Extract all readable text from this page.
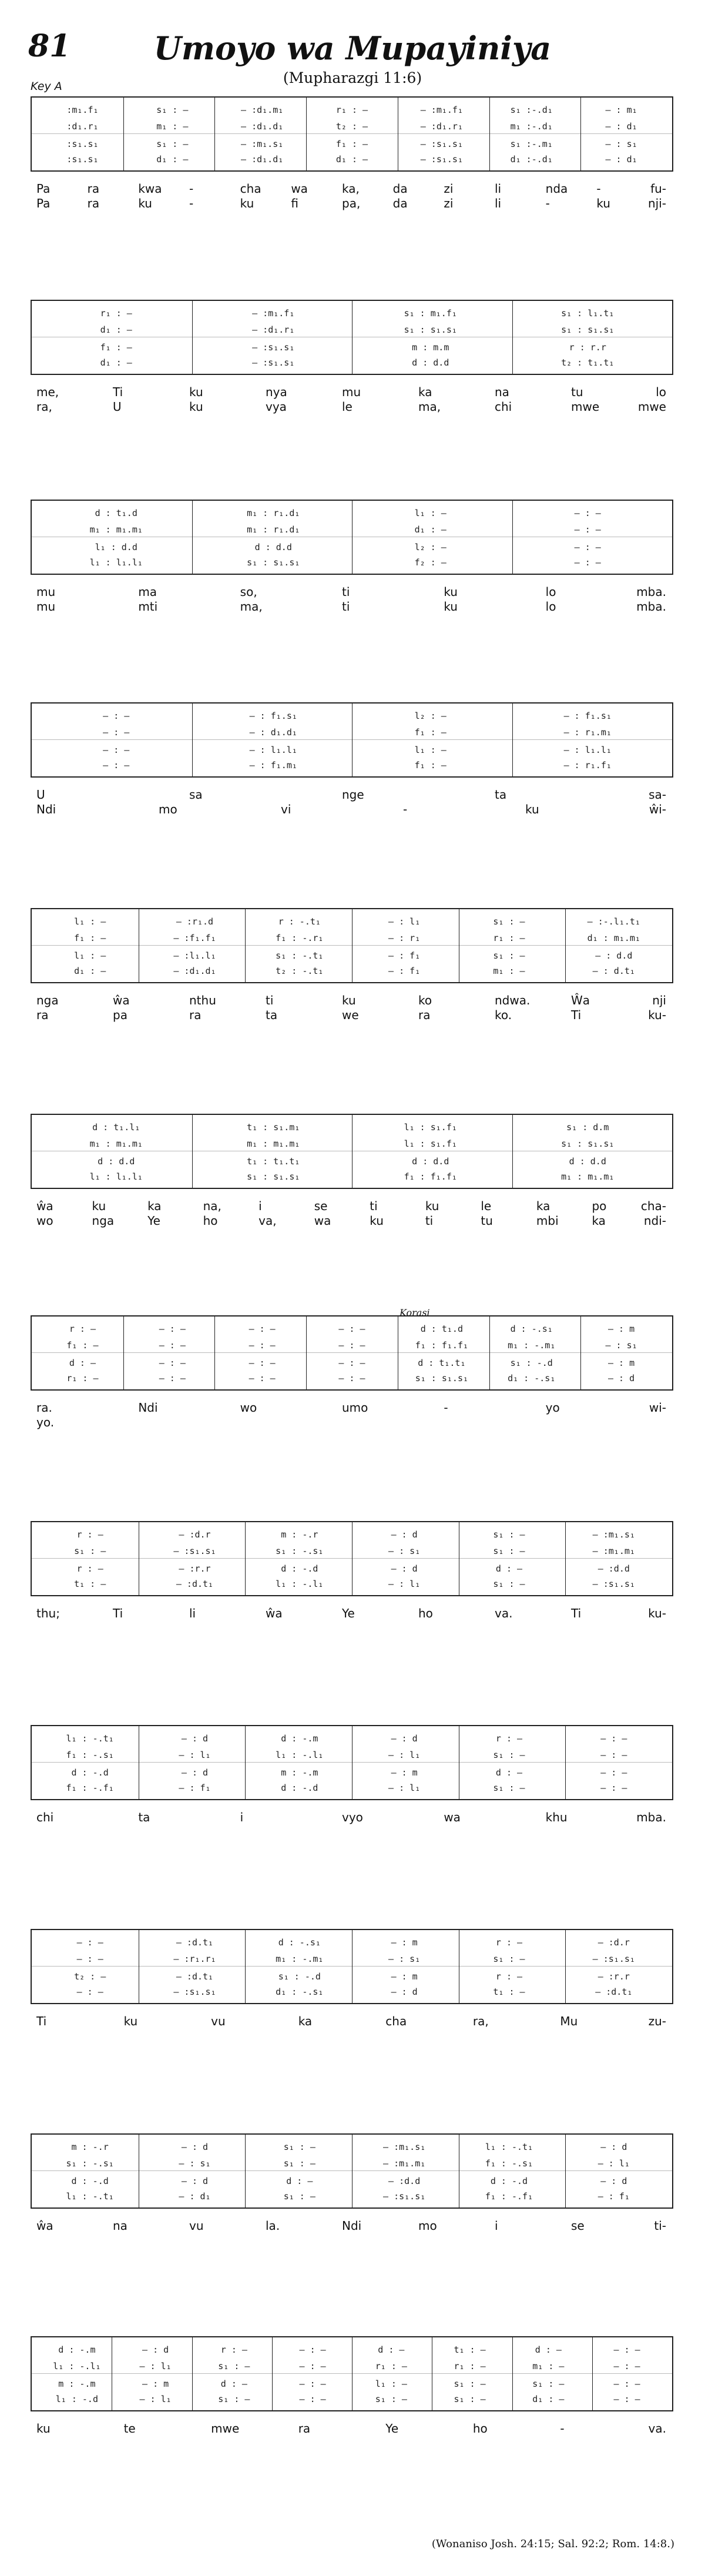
81	Umoyo wa Mupayiniya
(Mupharazgi 11:6)
Key A
:m₁.f₁	s₁ : —	— :d₁.m₁	r₁ : —	— :m₁.f₁	s₁ :-.d₁	— : m₁
:d₁.r₁	m₁ : —	— :d₁.d₁	t₂ : —	— :d₁.r₁	m₁ :-.d₁	— : d₁
:s₁.s₁	s₁ : —	— :m₁.s₁	f₁ : —	— :s₁.s₁	s₁ :-.m₁	— : s₁
:s₁.s₁	d₁ : —	— :d₁.d₁	d₁ : —	— :s₁.s₁	d₁ :-.d₁	— : d₁
Pa	ra	kwa -	cha	wa	ka,	da	zi	li	nda -	fu-
Pa	ra	ku	-	ku	fi	pa,	da	zi	li	-	ku	nji-
r₁ : —	— :m₁.f₁	s₁ : m₁.f₁	s₁ : l₁.t₁
d₁ : —	— :d₁.r₁	s₁ : s₁.s₁	s₁ : s₁.s₁
f₁ : —	— :s₁.s₁	m : m.m	r : r.r
d₁ : —	— :s₁.s₁	d : d.d	t₂ : t₁.t₁
me,	Ti	ku	nya	mu	ka	na	tu	lo
ra,	U	ku	vya	le	ma,	chi	mwe	mwe
d : t₁.d	m₁ : r₁.d₁	l₁ : —	— : —
m₁ : m₁.m₁	m₁ : r₁.d₁	d₁ : —	— : —
l₁ : d.d	d : d.d	l₂ : —	— : —
l₁ : l₁.l₁	s₁ : s₁.s₁	f₂ : —	— : —
mu	ma	so,	ti	ku	lo	mba.
mu	mti	ma,	ti	ku	lo	mba.
— : —	— : f₁.s₁	l₂ : —	— : f₁.s₁
— : —	— : d₁.d₁	f₁ : —	— : r₁.m₁
— : —	— : l₁.l₁	l₁ : —	— : l₁.l₁
— : —	— : f₁.m₁	f₁ : —	— : r₁.f₁
U	sa	nge	ta	sa-
Ndi	mo	vi	-	ku	ŵi-
l₁ : —	— :r₁.d	r : -.t₁	— : l₁	s₁ : —	— :-.l₁.t₁
f₁ : —	— :f₁.f₁	f₁ : -.r₁	— : r₁	r₁ : —	d₁ : m₁.m₁
l₁ : —	— :l₁.l₁	s₁ : -.t₁	— : f₁	s₁ : —	— : d.d
d₁ : —	— :d₁.d₁	t₂ : -.t₁	— : f₁	m₁ : —	— : d.t₁
nga	ŵa	nthu	ti	ku	ko	ndwa.	Ŵa	nji
ra	pa	ra	ta	we	ra	ko.	Ti	ku-
d : t₁.l₁	t₁ : s₁.m₁	l₁ : s₁.f₁	s₁ : d.m
m₁ : m₁.m₁	m₁ : m₁.m₁	l₁ : s₁.f₁	s₁ : s₁.s₁
d : d.d	t₁ : t₁.t₁	d : d.d	d : d.d
l₁ : l₁.l₁	s₁ : s₁.s₁	f₁ : f₁.f₁	m₁ : m₁.m₁
ŵa	ku	ka	na,	i	se	ti	ku	le	ka	po	cha-
wo	nga	Ye	ho	va,	wa	ku	ti	tu	mbi	ka	ndi-
r : —	— : —	— : —	— : —	d : t₁.d	d : -.s₁	— : m
f₁ : —	— : —	— : —	— : —	f₁ : f₁.f₁	m₁ : -.m₁	— : s₁
d : —	— : —	— : —	— : —	d : t₁.t₁	s₁ : -.d	— : m
r₁ : —	— : —	— : —	— : —	s₁ : s₁.s₁	d₁ : -.s₁	— : d
ra.	Ndi	wo	umo	-	yo	wi-
yo.
r : —	— :d.r	m : -.r	— : d	s₁ : —	— :m₁.s₁
s₁ : —	— :s₁.s₁	s₁ : -.s₁	— : s₁	s₁ : —	— :m₁.m₁
r : —	— :r.r	d : -.d	— : d	d : —	— :d.d
t₁ : —	— :d.t₁	l₁ : -.l₁	— : l₁	s₁ : —	— :s₁.s₁
thu;	Ti	li	ŵa	Ye	ho	va.	Ti	ku-
l₁ : -.t₁	— : d	d : -.m	— : d	r : —	— : —
f₁ : -.s₁	— : l₁	l₁ : -.l₁	— : l₁	s₁ : —	— : —
d : -.d	— : d	m : -.m	— : m	d : —	— : —
f₁ : -.f₁	— : f₁	d : -.d	— : l₁	s₁ : —	— : —
chi	ta	i	vyo	wa	khu	mba.
— : —	— :d.t₁	d : -.s₁	— : m	r : —	— :d.r
— : —	— :r₁.r₁	m₁ : -.m₁	— : s₁	s₁ : —	— :s₁.s₁
t₂ : —	— :d.t₁	s₁ : -.d	— : m	r : —	— :r.r
— : —	— :s₁.s₁	d₁ : -.s₁	— : d	t₁ : —	— :d.t₁
Ti	ku	vu	ka	cha	ra,	Mu	zu-
m : -.r	— : d	s₁ : —	— :m₁.s₁	l₁ : -.t₁	— : d
s₁ : -.s₁	— : s₁	s₁ : —	— :m₁.m₁	f₁ : -.s₁	— : l₁
d : -.d	— : d	d : —	— :d.d	d : -.d	— : d
l₁ : -.t₁	— : d₁	s₁ : —	— :s₁.s₁	f₁ : -.f₁	— : f₁
ŵa	na	vu	la.	Ndi	mo	i	se	ti-
d : -.m	— : d	r : —	— : —	d : —	t₁ : —	d : —	— : —
l₁ : -.l₁	— : l₁	s₁ : —	— : —	r₁ : —	r₁ : —	m₁ : —	— : —
m : -.m	— : m	d : —	— : —	l₁ : —	s₁ : —	s₁ : —	— : —
l₁ : -.d	— : l₁	s₁ : —	— : —	s₁ : —	s₁ : —	d₁ : —	— : —
ku	te	mwe	ra	Ye	ho	-	va.
(Wonaniso Josh. 24:15; Sal. 92:2; Rom. 14:8.)
Korasi
